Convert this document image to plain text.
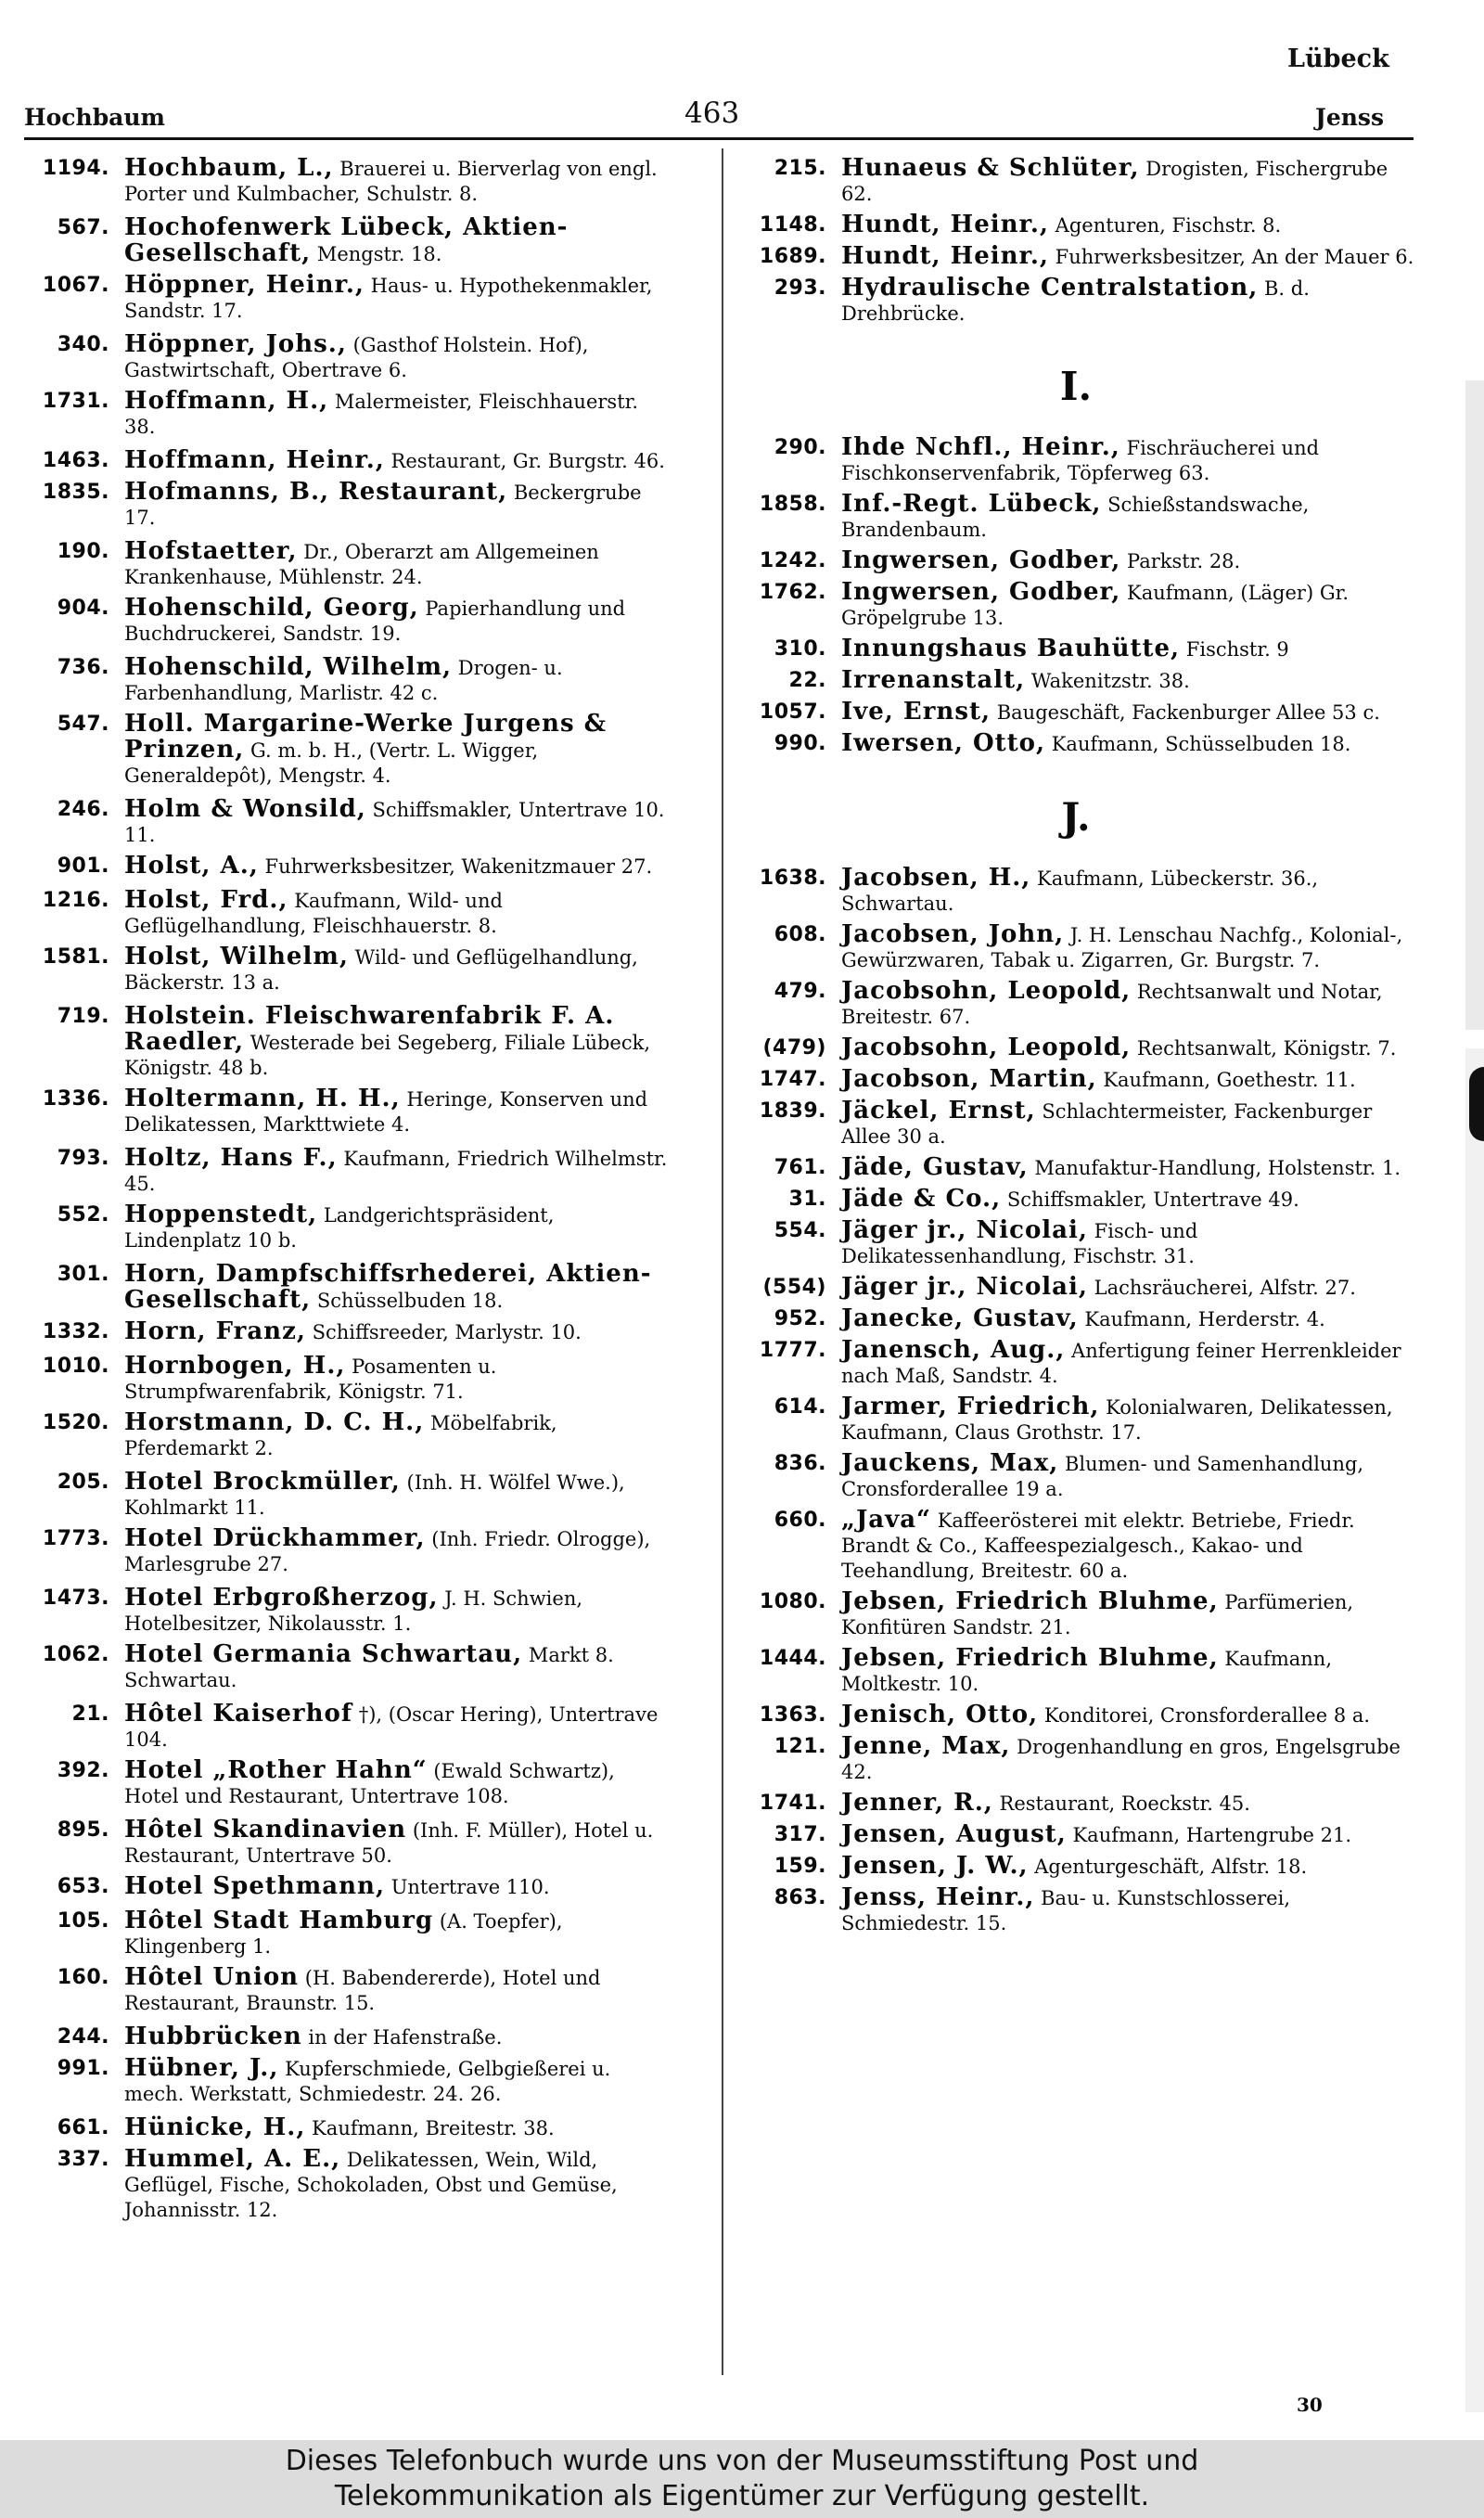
Hochbaum	463
Lübeck
Jenss
1194. Hochbaum, L., Brauerei u. Bierverlag von engl. Porter und Kulmbacher, Schulstr. 8.
567. Hochofenwerk Lübeck, Aktien-Gesellschaft, Mengstr. 18.
1067. Höppner, Heinr., Haus- u. Hypothekenmakler, Sandstr. 17.
340. Höppner, Johs., (Gasthof Holstein. Hof), Gastwirtschaft, Obertrave 6.
1731. Hoffmann, H., Malermeister, Fleischhauerstr. 38.
1463. Hoffmann, Heinr., Restaurant, Gr. Burgstr. 46.
1835. Hofmanns, B., Restaurant, Beckergrube 17.
190. Hofstaetter, Dr., Oberarzt am Allgemeinen Krankenhause, Mühlenstr. 24.
904. Hohenschild, Georg, Papierhandlung und Buchdruckerei, Sandstr. 19.
736. Hohenschild, Wilhelm, Drogen- u. Farbenhandlung, Marlistr. 42 c.
547. Holl. Margarine-Werke Jurgens & Prinzen, G. m. b. H., (Vertr. L. Wigger, Generaldepôt), Mengstr. 4.
246. Holm & Wonsild, Schiffsmakler, Untertrave 10. 11.
901. Holst, A., Fuhrwerksbesitzer, Wakenitzmauer 27.
1216. Holst, Frd., Kaufmann, Wild- und Geflügelhandlung, Fleischhauerstr. 8.
1581. Holst, Wilhelm, Wild- und Geflügelhandlung, Bäckerstr. 13 a.
719. Holstein. Fleischwarenfabrik F. A. Raedler, Westerade bei Segeberg, Filiale Lübeck, Königstr. 48 b.
1336. Holtermann, H. H., Heringe, Konserven und Delikatessen, Markttwiete 4.
793. Holtz, Hans F., Kaufmann, Friedrich Wilhelmstr. 45.
552. Hoppenstedt, Landgerichtspräsident, Lindenplatz 10 b.
301. Horn, Dampfschiffsrhederei, Aktien-Gesellschaft, Schüsselbuden 18.
1332. Horn, Franz, Schiffsreeder, Marlystr. 10.
1010. Hornbogen, H., Posamenten u. Strumpfwarenfabrik, Königstr. 71.
1520. Horstmann, D. C. H., Möbelfabrik, Pferdemarkt 2.
205. Hotel Brockmüller, (Inh. H. Wölfel Wwe.), Kohlmarkt 11.
1773. Hotel Drückhammer, (Inh. Friedr. Olrogge), Marlesgrube 27.
1473. Hotel Erbgroßherzog, J. H. Schwien, Hotelbesitzer, Nikolausstr. 1.
1062. Hotel Germania Schwartau, Markt 8. Schwartau.
21. Hôtel Kaiserhof †), (Oscar Hering), Untertrave 104.
392. Hotel „Rother Hahn“ (Ewald Schwartz), Hotel und Restaurant, Untertrave 108.
895. Hôtel Skandinavien (Inh. F. Müller), Hotel u. Restaurant, Untertrave 50.
653. Hotel Spethmann, Untertrave 110.
105. Hôtel Stadt Hamburg (A. Toepfer), Klingenberg 1.
160. Hôtel Union (H. Babendererde), Hotel und Restaurant, Braunstr. 15.
244. Hubbrücken in der Hafenstraße.
991. Hübner, J., Kupferschmiede, Gelbgießerei u. mech. Werkstatt, Schmiedestr. 24. 26.
661. Hünicke, H., Kaufmann, Breitestr. 38.
337. Hummel, A. E., Delikatessen, Wein, Wild, Geflügel, Fische, Schokoladen, Obst und Gemüse, Johannisstr. 12.
215. Hunaeus & Schlüter, Drogisten, Fischergrube 62.
1148. Hundt, Heinr., Agenturen, Fischstr. 8.
1689. Hundt, Heinr., Fuhrwerksbesitzer, An der Mauer 6.
293. Hydraulische Centralstation, B. d. Drehbrücke.
I.
290. Ihde Nchfl., Heinr., Fischräucherei und Fischkonservenfabrik, Töpferweg 63.
1858. Inf.-Regt. Lübeck, Schießstandswache, Brandenbaum.
1242. Ingwersen, Godber, Parkstr. 28.
1762. Ingwersen, Godber, Kaufmann, (Läger) Gr. Gröpelgrube 13.
310. Innungshaus Bauhütte, Fischstr. 9
22. Irrenanstalt, Wakenitzstr. 38.
1057. Ive, Ernst, Baugeschäft, Fackenburger Allee 53 c.
990. Iwersen, Otto, Kaufmann, Schüsselbuden 18.
J.
1638. Jacobsen, H., Kaufmann, Lübeckerstr. 36., Schwartau.
608. Jacobsen, John, J. H. Lenschau Nachfg., Kolonial-, Gewürzwaren, Tabak u. Zigarren, Gr. Burgstr. 7.
479. Jacobsohn, Leopold, Rechtsanwalt und Notar, Breitestr. 67.
(479) Jacobsohn, Leopold, Rechtsanwalt, Königstr. 7.
1747. Jacobson, Martin, Kaufmann, Goethestr. 11.
1839. Jäckel, Ernst, Schlachtermeister, Fackenburger Allee 30 a.
761. Jäde, Gustav, Manufaktur-Handlung, Holstenstr. 1.
31. Jäde & Co., Schiffsmakler, Untertrave 49.
554. Jäger jr., Nicolai, Fisch- und Delikatessenhandlung, Fischstr. 31.
(554) Jäger jr., Nicolai, Lachsräucherei, Alfstr. 27.
952. Janecke, Gustav, Kaufmann, Herderstr. 4.
1777. Janensch, Aug., Anfertigung feiner Herrenkleider nach Maß, Sandstr. 4.
614. Jarmer, Friedrich, Kolonialwaren, Delikatessen, Kaufmann, Claus Grothstr. 17.
836. Jauckens, Max, Blumen- und Samenhandlung, Cronsforderallee 19 a.
660. „Java“ Kaffeerösterei mit elektr. Betriebe, Friedr. Brandt & Co., Kaffeespezialgesch., Kakao- und Teehandlung, Breitestr. 60 a.
1080. Jebsen, Friedrich Bluhme, Parfümerien, Konfitüren Sandstr. 21.
1444. Jebsen, Friedrich Bluhme, Kaufmann, Moltkestr. 10.
1363. Jenisch, Otto, Konditorei, Cronsforderallee 8 a.
121. Jenne, Max, Drogenhandlung en gros, Engelsgrube 42.
1741. Jenner, R., Restaurant, Roeckstr. 45.
317. Jensen, August, Kaufmann, Hartengrube 21.
159. Jensen, J. W., Agenturgeschäft, Alfstr. 18.
863. Jenss, Heinr., Bau- u. Kunstschlosserei, Schmiedestr. 15.
30
Dieses Telefonbuch wurde uns von der Museumsstiftung Post und
Telekommunikation als Eigentümer zur Verfügung gestellt.
